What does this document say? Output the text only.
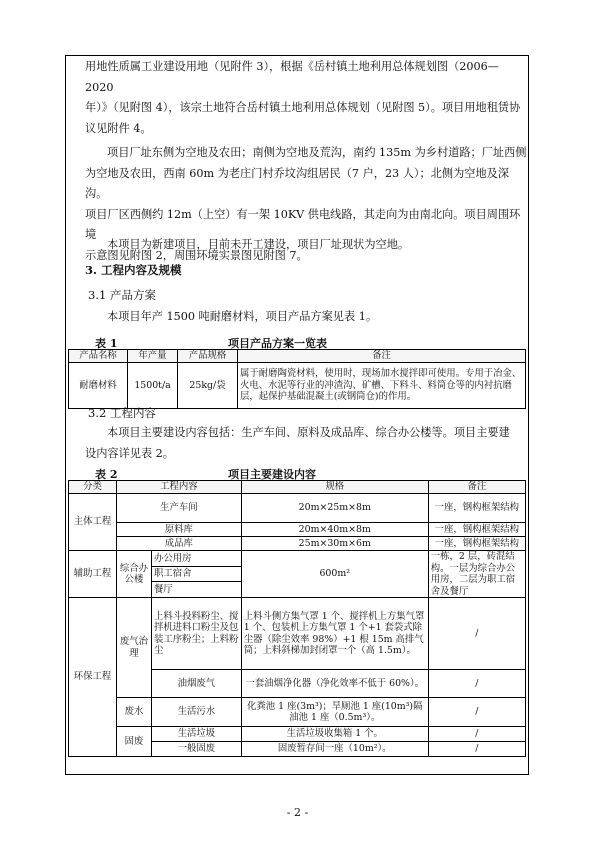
用地性质属工业建设用地（见附件 3），根据《岳村镇土地利用总体规划图（2006—2020
年）》（见附图 4），该宗土地符合岳村镇土地利用总体规划（见附图 5）。项目用地租赁协
议见附件 4。
项目厂址东侧为空地及农田；南侧为空地及荒沟，南约 135m 为乡村道路；厂址西侧
为空地及农田，西南 60m 为老庄门村乔坟沟组居民（7 户，23 人）；北侧为空地及深沟。
项目厂区西侧约 12m（上空）有一架 10KV 供电线路，其走向为由南北向。项目周围环境
示意图见附图 2，周围环境实景图见附图 7。
本项目为新建项目，目前未开工建设，项目厂址现状为空地。
3. 工程内容及规模
3.1 产品方案
本项目年产 1500 吨耐磨材料，项目产品方案见表 1。
表 1	项目产品方案一览表
产品名称	年产量	产品规格	备注
耐磨材料	1500t/a	25kg/袋	属于耐磨陶瓷材料，使用时，现场加水搅拌即可使用。专用于冶金、火电、水泥等行业的冲渣沟、矿槽、下料斗、料筒仓等的内衬抗磨层，起保护基础混凝土(或钢筒仓)的作用。
3.2 工程内容
本项目主要建设内容包括：生产车间、原料及成品库、综合办公楼等。项目主要建
设内容详见表 2。
表 2	项目主要建设内容
分类	工程内容		规格	备注
主体工程	生产车间		20m×25m×8m	一座，钢构框架结构
	原料库		20m×40m×8m	一座，钢构框架结构
	成品库		25m×30m×6m	一座，钢构框架结构
辅助工程	综合办公楼	办公用房	600m²	一栋，2 层，砖混结构。一层为综合办公用房，二层为职工宿舍及餐厅
		职工宿舍		
		餐厅		
环保工程	废气治理	上料斗投料粉尘、搅拌机进料口粉尘及包装工序粉尘；上料粉尘	上料斗侧方集气罩 1 个、搅拌机上方集气罩 1 个、包装机上方集气罩 1 个+1 套袋式除尘器（除尘效率 98%）+1 根 15m 高排气筒；上料斜梯加封闭罩一个（高 1.5m）。	/
		油烟废气	一套油烟净化器（净化效率不低于 60%）。	/
	废水	生活污水	化粪池 1 座(3m³)；旱厕池 1 座(10m³)隔油池 1 座（0.5m³）。	/
	固废	生活垃圾	生活垃圾收集箱 1 个。	/
		一般固废	固废暂存间一座（10m²）。	/
- 2 -
